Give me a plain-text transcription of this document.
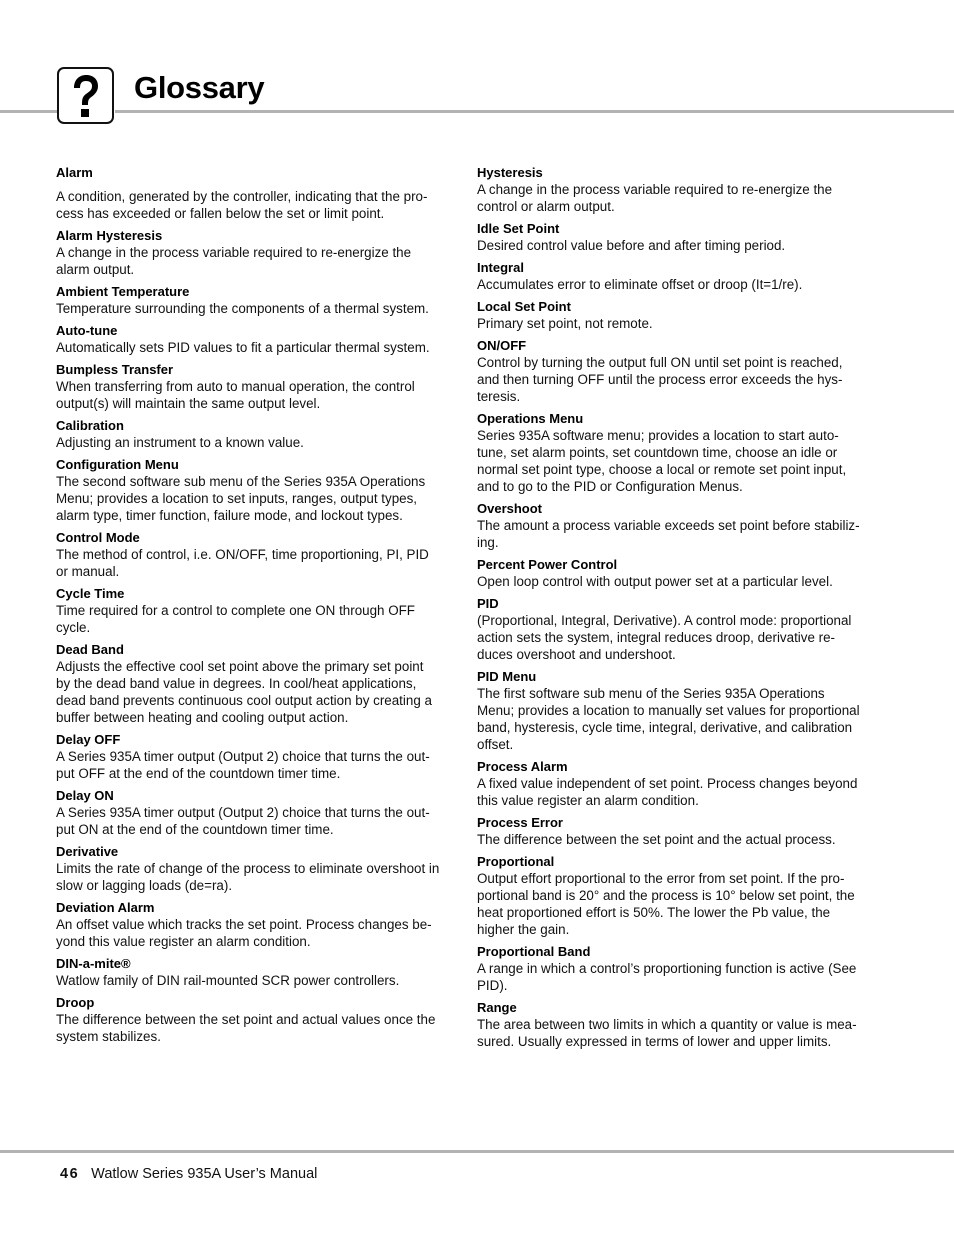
Glossary

Alarm

A condition, generated by the controller, indicating that the pro-
cess has exceeded or fallen below the set or limit point.

Alarm Hysteresis

A change in the process variable required to re-energize the
alarm output.

Ambient Temperature

Temperature surrounding the components of a thermal system.

Auto-tune

Automatically sets PID values to fit a particular thermal system.

Bumpless Transfer

When transferring from auto to manual operation, the control
output(s) will maintain the same output level.

Calibration

Adjusting an instrument to a known value.

Configuration Menu

The second software sub menu of the Series 935A Operations
Menu; provides a location to set inputs, ranges, output types,
alarm type, timer function, failure mode, and lockout types.

Control Mode

The method of control, i.e. ON/OFF, time proportioning, PI, PID
or manual.

Cycle Time

Time required for a control to complete one ON through OFF
cycle.

Dead Band

Adjusts the effective cool set point above the primary set point
by the dead band value in degrees. In cool/heat applications,
dead band prevents continuous cool output action by creating a
buffer between heating and cooling output action.

Delay OFF

A Series 935A timer output (Output 2) choice that turns the out-
put OFF at the end of the countdown timer time.

Delay ON

A Series 935A timer output (Output 2) choice that turns the out-
put ON at the end of the countdown timer time.

Derivative

Limits the rate of change of the process to eliminate overshoot in
slow or lagging loads (de=ra).

Deviation Alarm

An offset value which tracks the set point. Process changes be-
yond this value register an alarm condition.

DIN-a-mite®

Watlow family of DIN rail-mounted SCR power controllers.

Droop

The difference between the set point and actual values once the
system stabilizes.

Hysteresis

A change in the process variable required to re-energize the
control or alarm output.

Idle Set Point

Desired control value before and after timing period.

Integral

Accumulates error to eliminate offset or droop (It=1/re).

Local Set Point

Primary set point, not remote.

ON/OFF

Control by turning the output full ON until set point is reached,
and then turning OFF until the process error exceeds the hys-
teresis.

Operations Menu

Series 935A software menu; provides a location to start auto-
tune, set alarm points, set countdown time, choose an idle or
normal set point type, choose a local or remote set point input,
and to go to the PID or Configuration Menus.

Overshoot

The amount a process variable exceeds set point before stabiliz-
ing.

Percent Power Control

Open loop control with output power set at a particular level.

PID

(Proportional, Integral, Derivative). A control mode: proportional
action sets the system, integral reduces droop, derivative re-
duces overshoot and undershoot.

PID Menu

The first software sub menu of the Series 935A Operations
Menu; provides a location to manually set values for proportional
band, hysteresis, cycle time, integral, derivative, and calibration
offset.

Process Alarm

A fixed value independent of set point. Process changes beyond
this value register an alarm condition.

Process Error

The difference between the set point and the actual process.

Proportional

Output effort proportional to the error from set point. If the pro-
portional band is 20° and the process is 10° below set point, the
heat proportioned effort is 50%. The lower the Pb value, the
higher the gain.

Proportional Band

A range in which a control’s proportioning function is active (See
PID).

Range

The area between two limits in which a quantity or value is mea-
sured. Usually expressed in terms of lower and upper limits.

46 Watlow Series 935A User’s Manual
